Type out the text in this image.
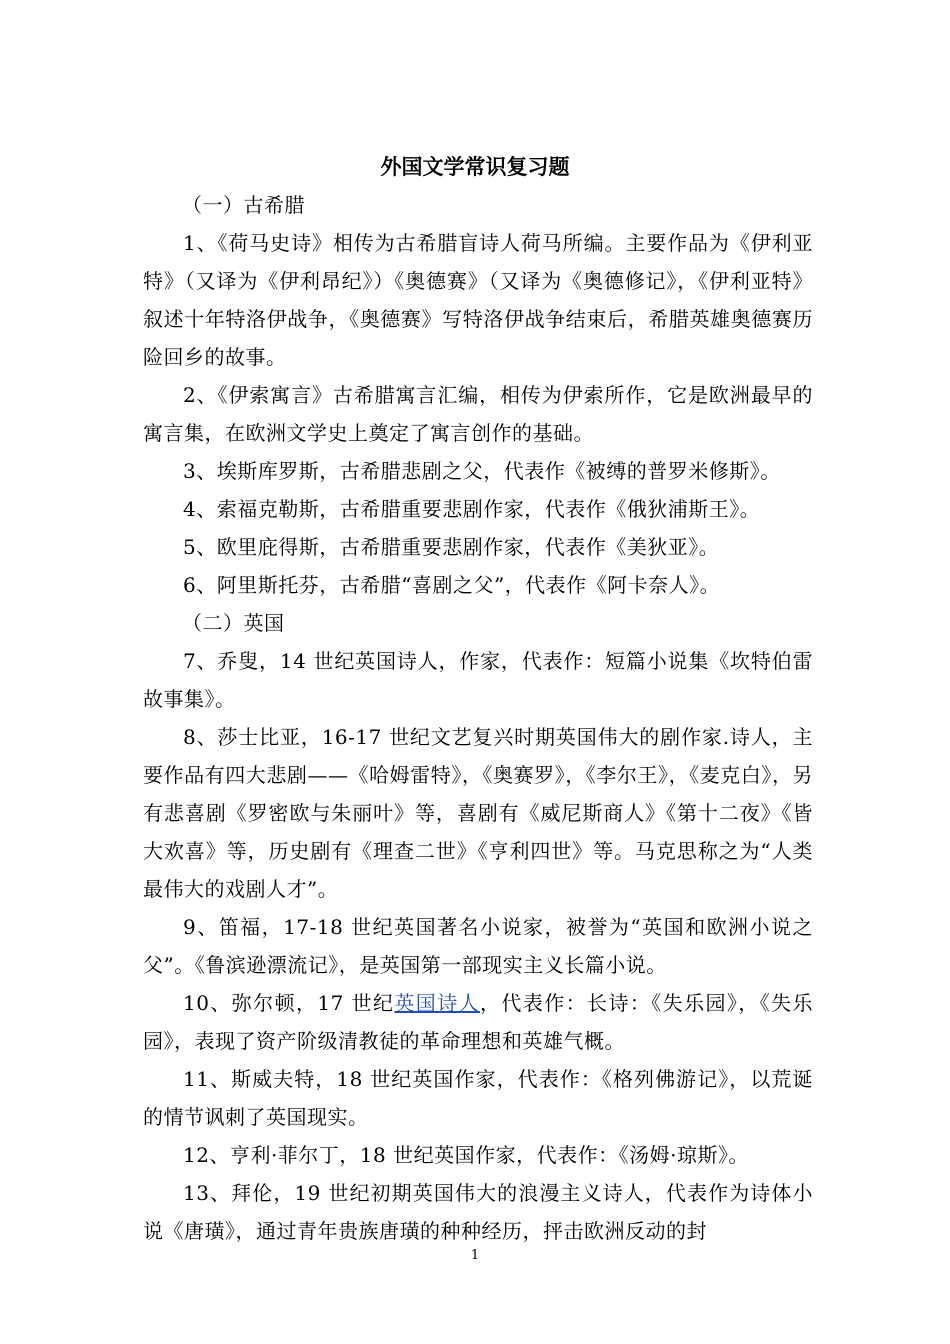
外国文学常识复习题

（一）古希腊

1、《荷马史诗》相传为古希腊盲诗人荷马所编。主要作品为《伊利亚特》（又译为《伊利昂纪》）《奥德赛》（又译为《奥德修记》，《伊利亚特》叙述十年特洛伊战争，《奥德赛》写特洛伊战争结束后，希腊英雄奥德赛历险回乡的故事。

2、《伊索寓言》古希腊寓言汇编，相传为伊索所作，它是欧洲最早的寓言集，在欧洲文学史上奠定了寓言创作的基础。

3、埃斯库罗斯，古希腊悲剧之父，代表作《被缚的普罗米修斯》。

4、索福克勒斯，古希腊重要悲剧作家，代表作《俄狄浦斯王》。

5、欧里庇得斯，古希腊重要悲剧作家，代表作《美狄亚》。

6、阿里斯托芬，古希腊“喜剧之父”，代表作《阿卡奈人》。

（二）英国

7、乔叟，14 世纪英国诗人，作家，代表作：短篇小说集《坎特伯雷故事集》。

8、莎士比亚，16-17 世纪文艺复兴时期英国伟大的剧作家.诗人，主要作品有四大悲剧——《哈姆雷特》，《奥赛罗》，《李尔王》，《麦克白》，另有悲喜剧《罗密欧与朱丽叶》等，喜剧有《威尼斯商人》《第十二夜》《皆大欢喜》等，历史剧有《理查二世》《亨利四世》等。马克思称之为“人类最伟大的戏剧人才”。

9、笛福，17-18 世纪英国著名小说家，被誉为“英国和欧洲小说之父”。《鲁滨逊漂流记》，是英国第一部现实主义长篇小说。

10、弥尔顿，17 世纪英国诗人，代表作：长诗：《失乐园》，《失乐园》，表现了资产阶级清教徒的革命理想和英雄气概。

11、斯威夫特，18 世纪英国作家，代表作：《格列佛游记》，以荒诞的情节讽刺了英国现实。

12、亨利·菲尔丁，18 世纪英国作家，代表作：《汤姆·琼斯》。

13、拜伦，19 世纪初期英国伟大的浪漫主义诗人，代表作为诗体小说《唐璜》，通过青年贵族唐璜的种种经历，抨击欧洲反动的封

1
